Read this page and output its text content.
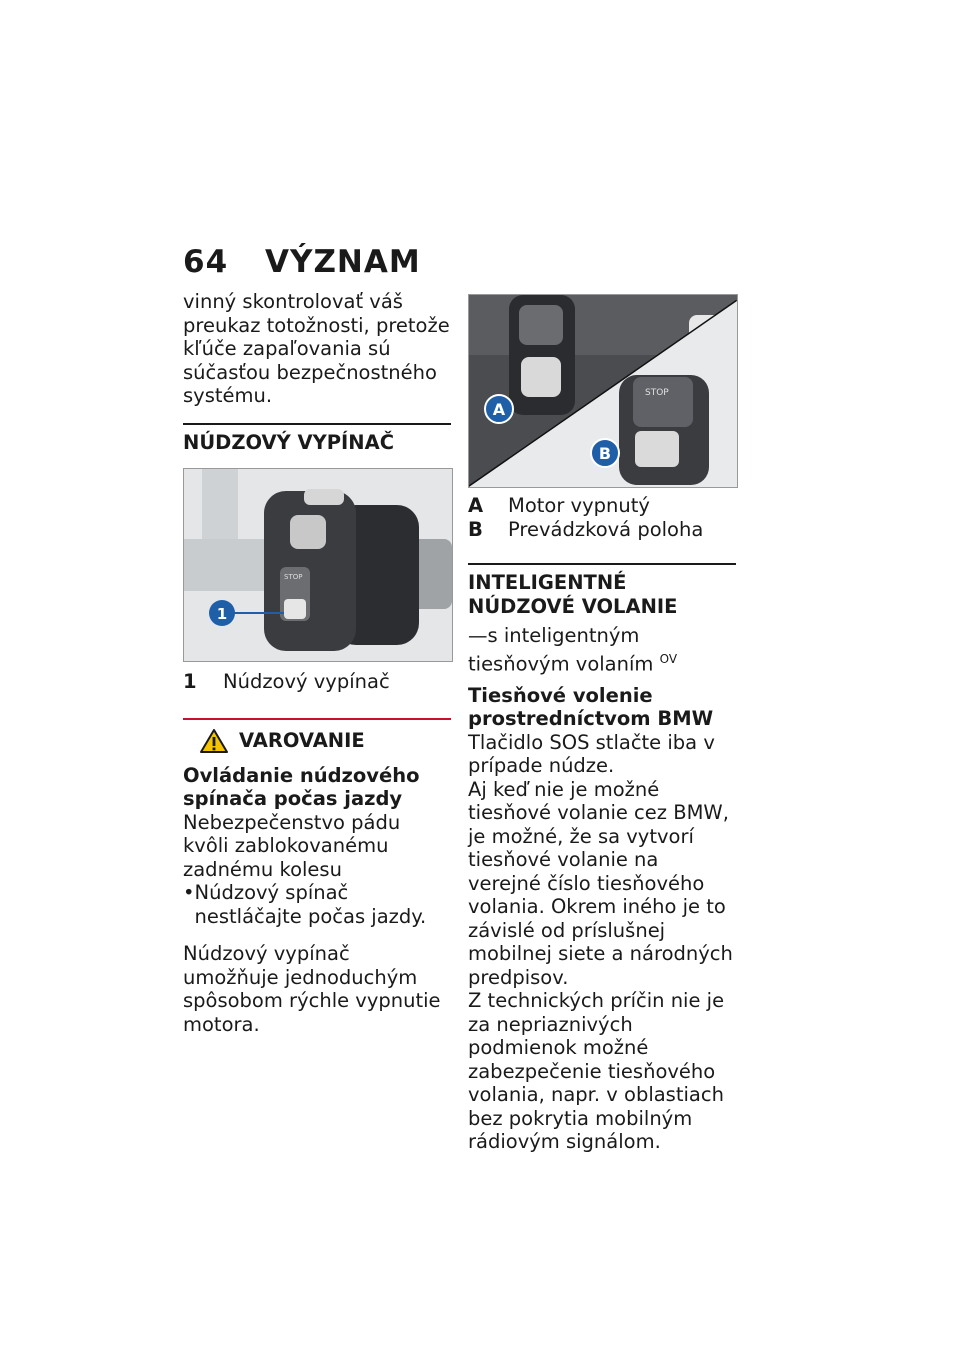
64 VÝZNAM

vinný skontrolovať váš preukaz totožnosti, pretože kľúče zapaľovania sú súčasťou bezpečnostného systému.

NÚDZOVÝ VYPÍNAČ
STOP
1
1	Núdzový vypínač
VAROVANIE

Ovládanie núdzového spínača počas jazdy

Nebezpečenstvo pádu kvôli zablokovanému zadnému kolesu

• Núdzový spínač nestláčajte počas jazdy.

Núdzový vypínač umožňuje jednoduchým spôsobom rýchle vypnutie motora.

STOP
A
B
A	Motor vypnutý
B	Prevádzková poloha
INTELIGENTNÉ NÚDZOVÉ VOLANIE

—s inteligentným tiesňovým volaním $^{OV}$

Tiesňové volenie prostredníctvom BMW

Tlačidlo SOS stlačte iba v prípade núdze.

Aj keď nie je možné tiesňové volanie cez BMW, je možné, že sa vytvorí tiesňové volanie na verejné číslo tiesňového volania. Okrem iného je to závislé od príslušnej mobilnej siete a národných predpisov.

Z technických príčin nie je za nepriaznivých podmienok možné zabezpečenie tiesňového volania, napr. v oblastiach bez pokrytia mobilným rádiovým signálom.
